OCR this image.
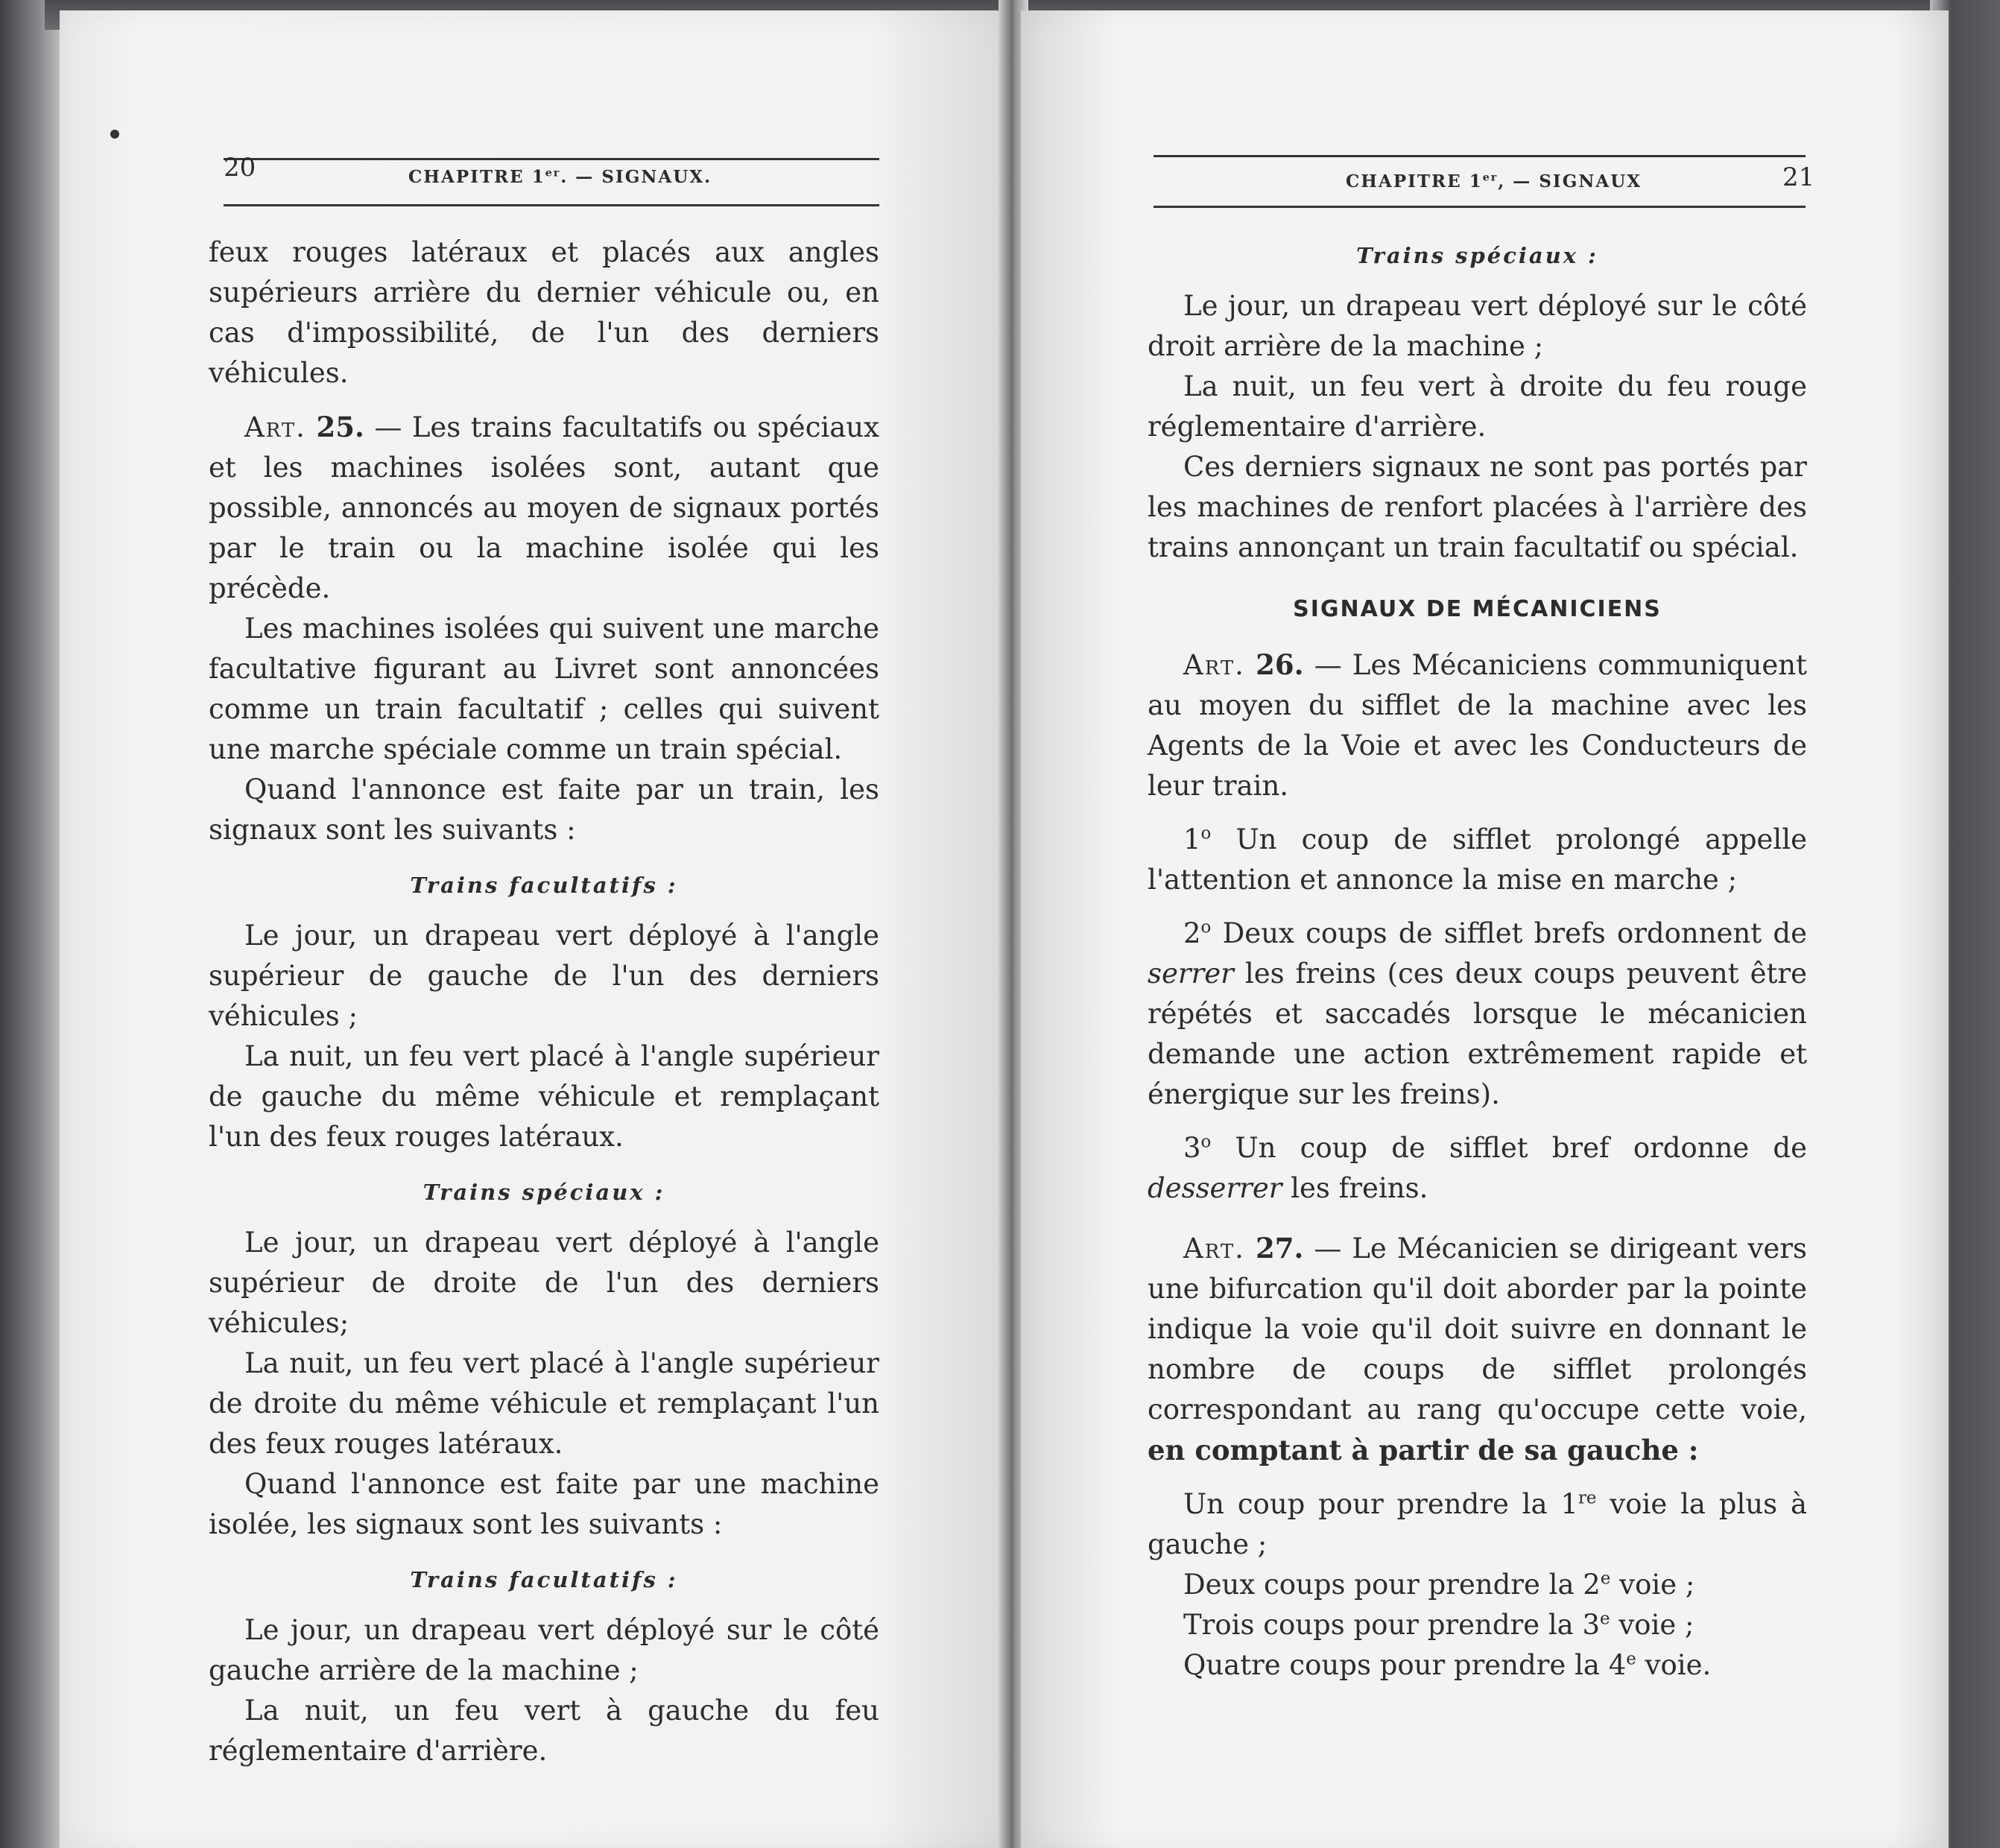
20	CHAPITRE 1er. — SIGNAUX.

feux rouges latéraux et placés aux angles supérieurs arrière du dernier véhicule ou, en cas d'impossibilité, de l'un des derniers véhicules.

Art. 25. — Les trains facultatifs ou spéciaux et les machines isolées sont, autant que possible, annoncés au moyen de signaux portés par le train ou la machine isolée qui les précède.

Les machines isolées qui suivent une marche facultative figurant au Livret sont annoncées comme un train facultatif ; celles qui suivent une marche spéciale comme un train spécial.

Quand l'annonce est faite par un train, les signaux sont les suivants :

Trains facultatifs :

Le jour, un drapeau vert déployé à l'angle supérieur de gauche de l'un des derniers véhicules ;

La nuit, un feu vert placé à l'angle supérieur de gauche du même véhicule et remplaçant l'un des feux rouges latéraux.

Trains spéciaux :

Le jour, un drapeau vert déployé à l'angle supérieur de droite de l'un des derniers véhicules;

La nuit, un feu vert placé à l'angle supérieur de droite du même véhicule et remplaçant l'un des feux rouges latéraux.

Quand l'annonce est faite par une machine isolée, les signaux sont les suivants :

Trains facultatifs :

Le jour, un drapeau vert déployé sur le côté gauche arrière de la machine ;

La nuit, un feu vert à gauche du feu réglementaire d'arrière.

CHAPITRE 1er, — SIGNAUX	21
Trains spéciaux :

Le jour, un drapeau vert déployé sur le côté droit arrière de la machine ;

La nuit, un feu vert à droite du feu rouge réglementaire d'arrière.

Ces derniers signaux ne sont pas portés par les machines de renfort placées à l'arrière des trains annonçant un train facultatif ou spécial.

SIGNAUX DE MÉCANICIENS

Art. 26. — Les Mécaniciens communiquent au moyen du sifflet de la machine avec les Agents de la Voie et avec les Conducteurs de leur train.

1$^o$ Un coup de sifflet prolongé appelle l'attention et annonce la mise en marche ;

2$^o$ Deux coups de sifflet brefs ordonnent de serrer les freins (ces deux coups peuvent être répétés et saccadés lorsque le mécanicien demande une action extrêmement rapide et énergique sur les freins).

3$^o$ Un coup de sifflet bref ordonne de desserrer les freins.

Art. 27. — Le Mécanicien se dirigeant vers une bifurcation qu'il doit aborder par la pointe indique la voie qu'il doit suivre en donnant le nombre de coups de sifflet prolongés correspondant au rang qu'occupe cette voie, en comptant à partir de sa gauche :

Un coup pour prendre la 1re voie la plus à gauche ;

Deux coups pour prendre la 2e voie ;

Trois coups pour prendre la 3e voie ;

Quatre coups pour prendre la 4e voie.
